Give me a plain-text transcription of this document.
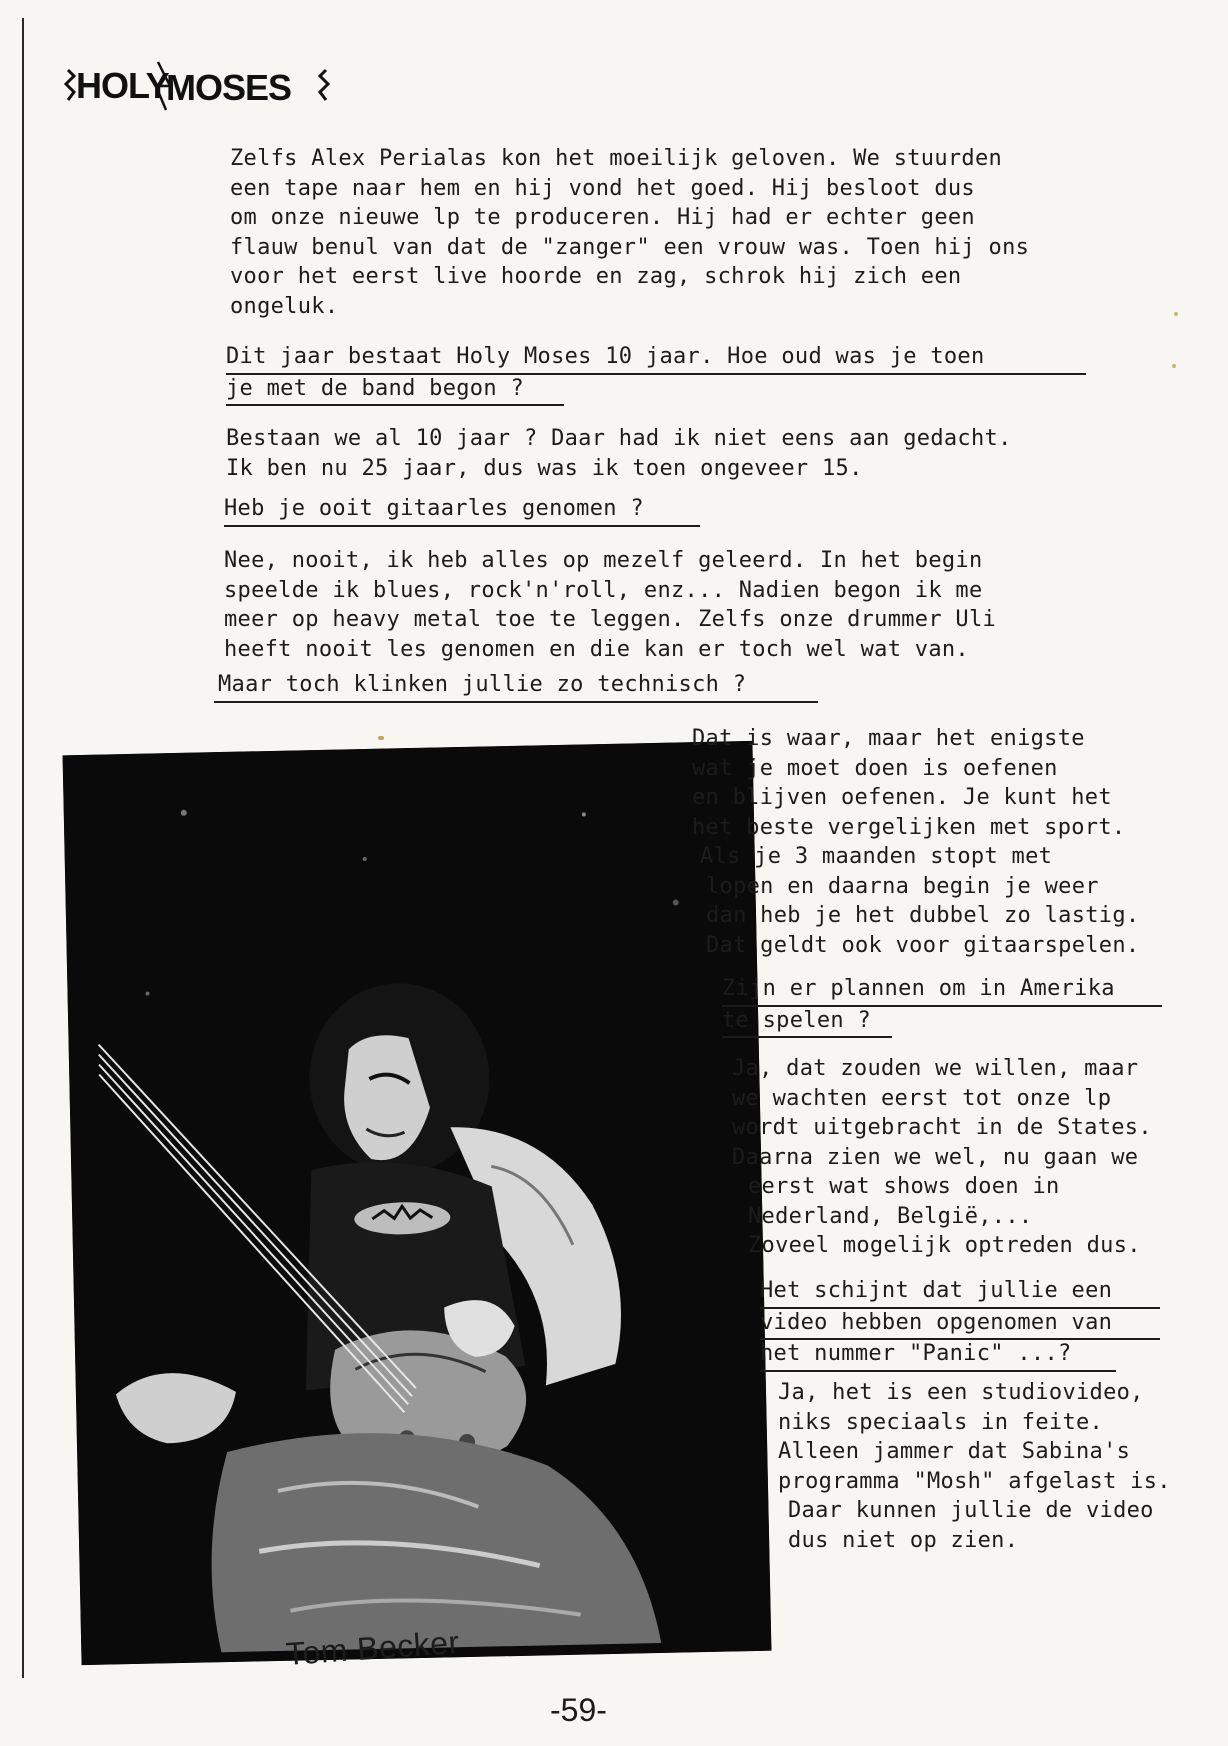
HOLY
MOSES
Zelfs Alex Perialas kon het moeilijk geloven. We stuurden
een tape naar hem en hij vond het goed. Hij besloot dus
om onze nieuwe lp te produceren. Hij had er echter geen
flauw benul van dat de "zanger" een vrouw was. Toen hij ons
voor het eerst live hoorde en zag, schrok hij zich een
ongeluk.
Dit jaar bestaat Holy Moses 10 jaar. Hoe oud was je toen
je met de band begon ?
Bestaan we al 10 jaar ? Daar had ik niet eens aan gedacht.
Ik ben nu 25 jaar, dus was ik toen ongeveer 15.
Heb je ooit gitaarles genomen ?
Nee, nooit, ik heb alles op mezelf geleerd. In het begin
speelde ik blues, rock'n'roll, enz... Nadien begon ik me
meer op heavy metal toe te leggen. Zelfs onze drummer Uli
heeft nooit les genomen en die kan er toch wel wat van.
Maar toch klinken jullie zo technisch ?
Dat is waar, maar het enigste
wat je moet doen is oefenen
en blijven oefenen. Je kunt het
het beste vergelijken met sport.
Als je 3 maanden stopt met
lopen en daarna begin je weer
dan heb je het dubbel zo lastig.
Dat geldt ook voor gitaarspelen.
Zijn er plannen om in Amerika
te spelen ?
Ja, dat zouden we willen, maar
we wachten eerst tot onze lp
wordt uitgebracht in de States.
Daarna zien we wel, nu gaan we
eerst wat shows doen in
Nederland, België,...
Zoveel mogelijk optreden dus.
Het schijnt dat jullie een
video hebben opgenomen van
het nummer "Panic" ...?
Ja, het is een studiovideo,
niks speciaals in feite.
Alleen jammer dat Sabina's
programma "Mosh" afgelast is.
Daar kunnen jullie de video
dus niet op zien.
Tom Becker
-59-
